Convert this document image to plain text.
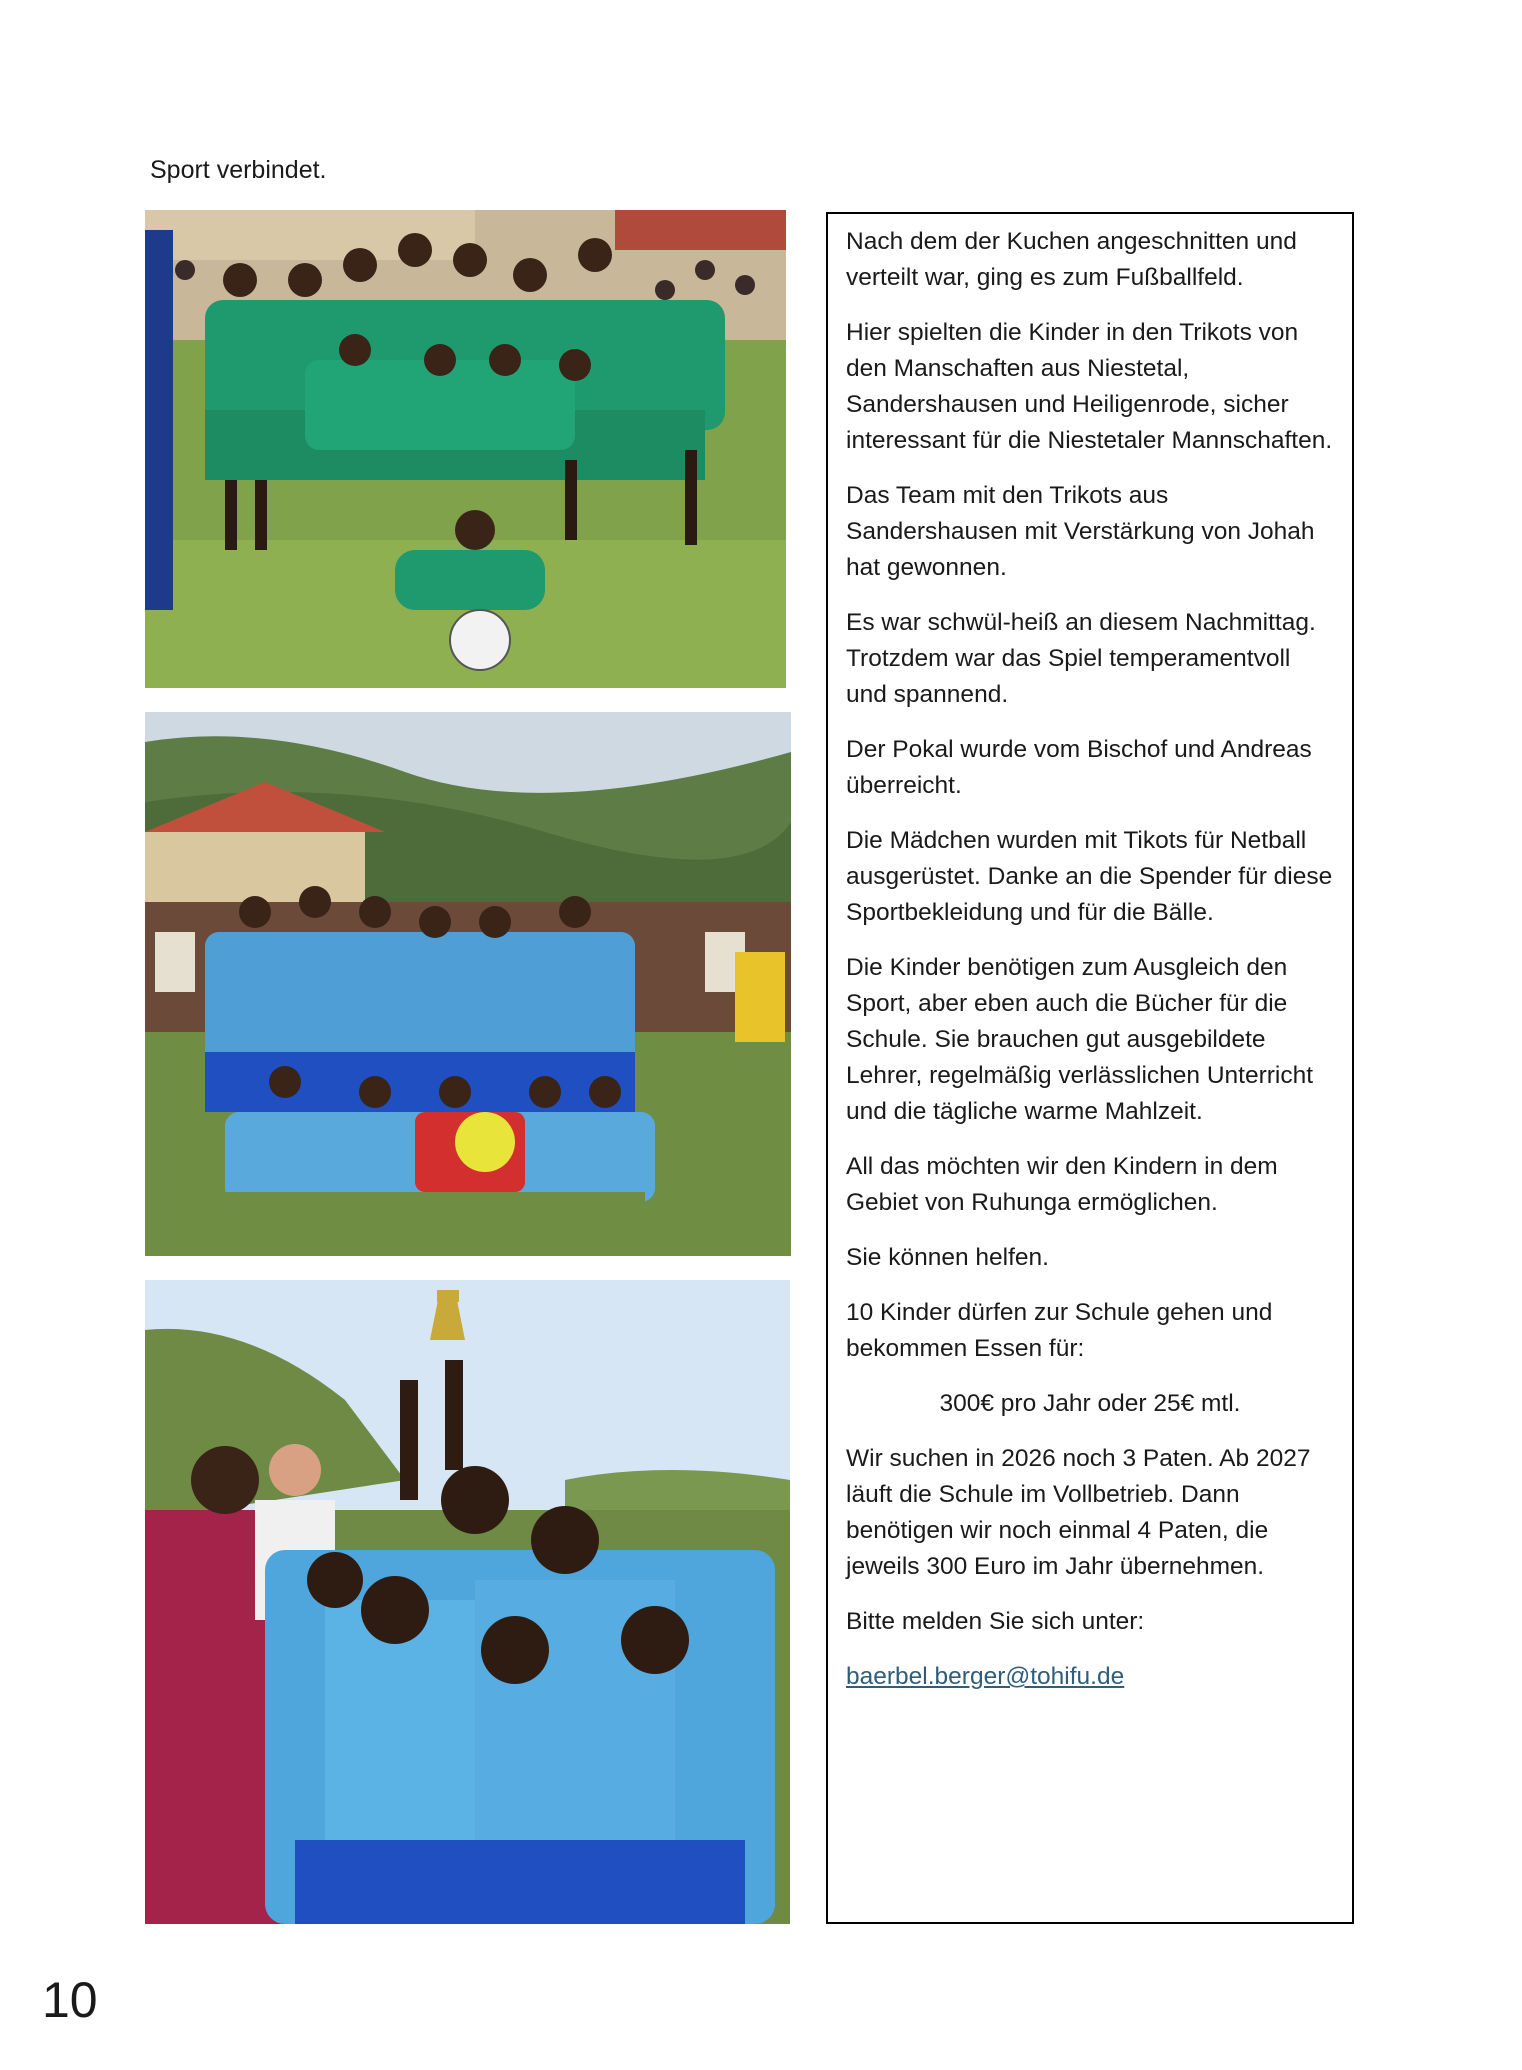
Sport verbindet.

Nach dem der Kuchen angeschnitten und verteilt war, ging es zum Fußballfeld.

Hier spielten die Kinder in den Trikots von den Manschaften aus Niestetal, Sandershausen und Heiligenrode, sicher interessant für die Niestetaler Mannschaften.

Das Team mit den Trikots aus Sandershausen mit Verstärkung von Johah hat gewonnen.

Es war schwül-heiß an diesem Nachmittag. Trotzdem war das Spiel temperamentvoll und spannend.

Der Pokal wurde vom Bischof und Andreas überreicht.

Die Mädchen wurden mit Tikots für Netball ausgerüstet. Danke an die Spender für diese Sportbekleidung und für die Bälle.

Die Kinder benötigen zum Ausgleich den Sport, aber eben auch die Bücher für die Schule. Sie brauchen gut ausgebildete Lehrer, regelmäßig verlässlichen Unterricht und die tägliche warme Mahlzeit.

All das möchten wir den Kindern in dem Gebiet von Ruhunga ermöglichen.

Sie können helfen.

10 Kinder dürfen zur Schule gehen und bekommen Essen für:

300€ pro Jahr oder 25€ mtl.

Wir suchen in 2026 noch 3 Paten. Ab 2027 läuft die Schule im Vollbetrieb. Dann benötigen wir noch einmal 4 Paten, die jeweils 300 Euro im Jahr übernehmen.

Bitte melden Sie sich unter:

baerbel.berger@tohifu.de

10
